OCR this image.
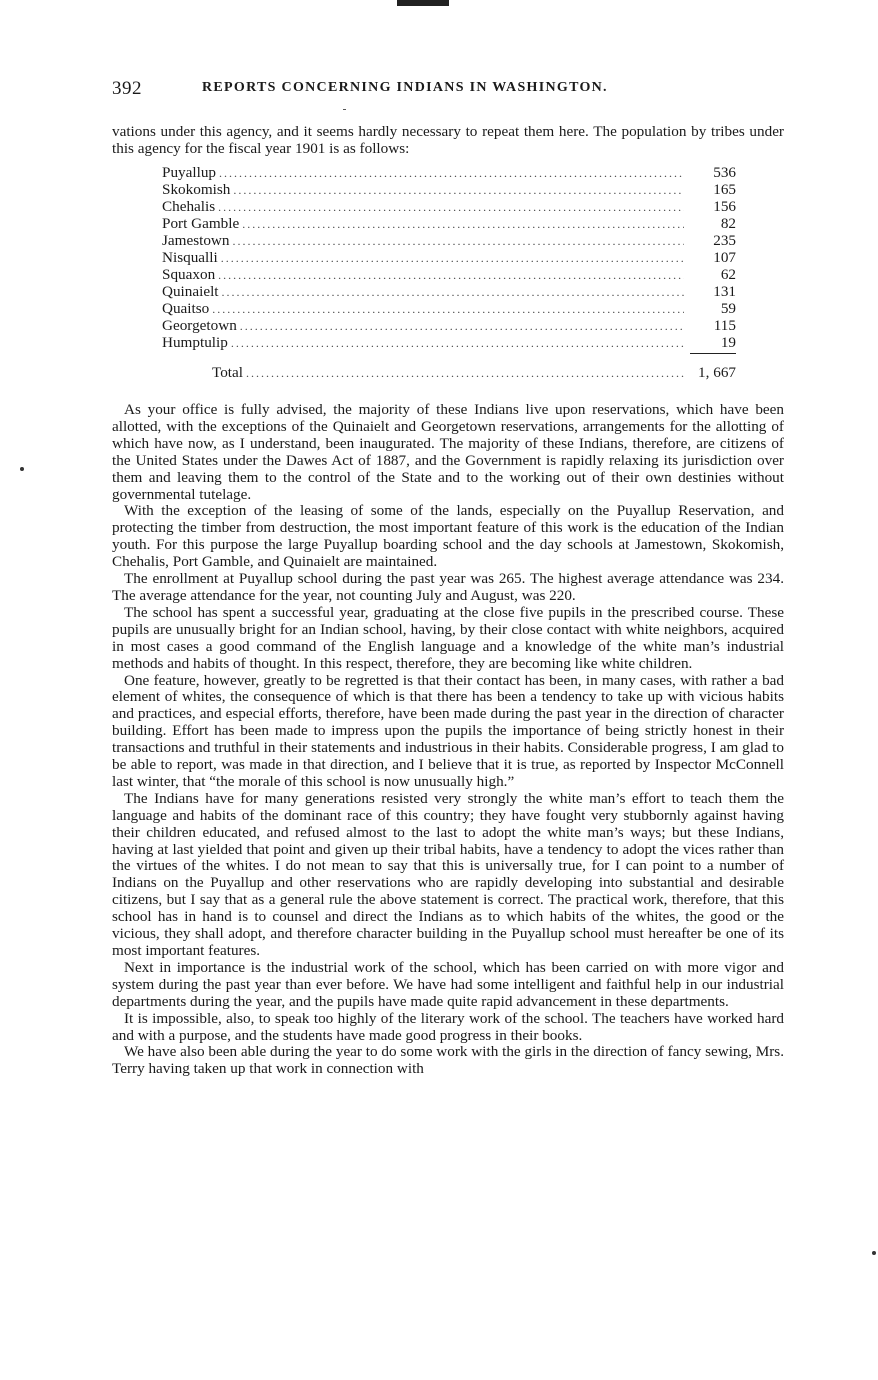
392	REPORTS CONCERNING INDIANS IN WASHINGTON.

vations under this agency, and it seems hardly necessary to repeat them here. The population by tribes under this agency for the fiscal year 1901 is as follows:

Puyallup .....	536
Skokomish .....	165
Chehalis .....	156
Port Gamble .....	82
Jamestown .....	235
Nisqualli .....	107
Squaxon .....	62
Quinaielt .....	131
Quaitso .....	59
Georgetown .....	115
Humptulip .....	19
Total .....	1, 667

As your office is fully advised, the majority of these Indians live upon reservations, which have been allotted, with the exceptions of the Quinaielt and Georgetown reservations, arrangements for the allotting of which have now, as I understand, been inaugurated. The majority of these Indians, therefore, are citizens of the United States under the Dawes Act of 1887, and the Government is rapidly relaxing its jurisdiction over them and leaving them to the control of the State and to the working out of their own destinies without governmental tutelage.

With the exception of the leasing of some of the lands, especially on the Puyallup Reservation, and protecting the timber from destruction, the most important feature of this work is the education of the Indian youth. For this purpose the large Puyallup boarding school and the day schools at Jamestown, Skokomish, Chehalis, Port Gamble, and Quinaielt are maintained.

The enrollment at Puyallup school during the past year was 265. The highest average attendance was 234. The average attendance for the year, not counting July and August, was 220.

The school has spent a successful year, graduating at the close five pupils in the prescribed course. These pupils are unusually bright for an Indian school, having, by their close contact with white neighbors, acquired in most cases a good command of the English language and a knowledge of the white man’s industrial methods and habits of thought. In this respect, therefore, they are becoming like white children.

One feature, however, greatly to be regretted is that their contact has been, in many cases, with rather a bad element of whites, the consequence of which is that there has been a tendency to take up with vicious habits and practices, and especial efforts, therefore, have been made during the past year in the direction of character building. Effort has been made to impress upon the pupils the importance of being strictly honest in their transactions and truthful in their statements and industrious in their habits. Considerable progress, I am glad to be able to report, was made in that direction, and I believe that it is true, as reported by Inspector McConnell last winter, that “the morale of this school is now unusually high.”

The Indians have for many generations resisted very strongly the white man’s effort to teach them the language and habits of the dominant race of this country; they have fought very stubbornly against having their children educated, and refused almost to the last to adopt the white man’s ways; but these Indians, having at last yielded that point and given up their tribal habits, have a tendency to adopt the vices rather than the virtues of the whites. I do not mean to say that this is universally true, for I can point to a number of Indians on the Puyallup and other reservations who are rapidly developing into substantial and desirable citizens, but I say that as a general rule the above statement is correct. The practical work, therefore, that this school has in hand is to counsel and direct the Indians as to which habits of the whites, the good or the vicious, they shall adopt, and therefore character building in the Puyallup school must hereafter be one of its most important features.

Next in importance is the industrial work of the school, which has been carried on with more vigor and system during the past year than ever before. We have had some intelligent and faithful help in our industrial departments during the year, and the pupils have made quite rapid advancement in these departments.

It is impossible, also, to speak too highly of the literary work of the school. The teachers have worked hard and with a purpose, and the students have made good progress in their books.

We have also been able during the year to do some work with the girls in the direction of fancy sewing, Mrs. Terry having taken up that work in connection with
